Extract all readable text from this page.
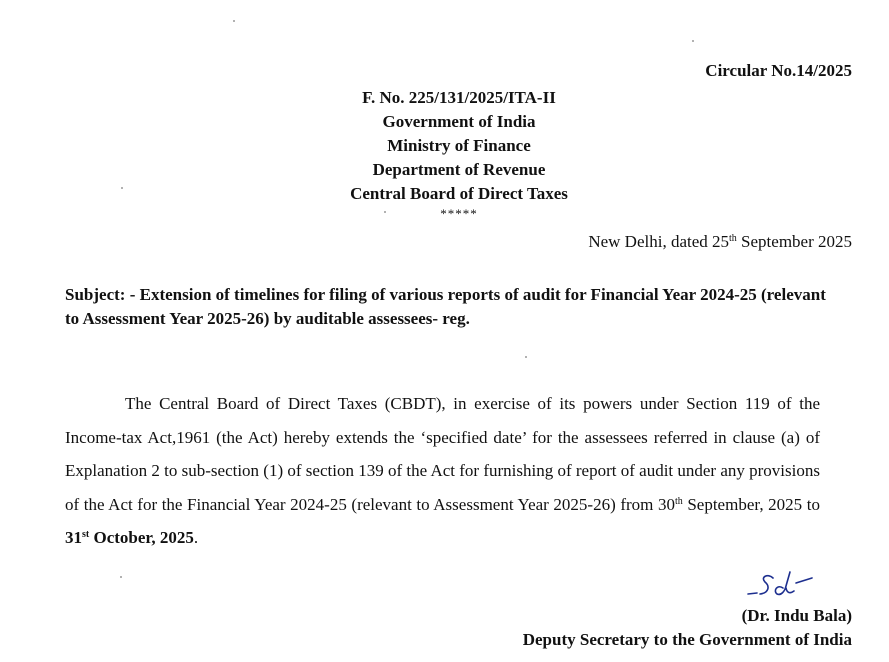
Circular No.14/2025
F. No. 225/131/2025/ITA-II
Government of India
Ministry of Finance
Department of Revenue
Central Board of Direct Taxes
*****
New Delhi, dated 25th September 2025
Subject: - Extension of timelines for filing of various reports of audit for Financial Year 2024-25 (relevant to Assessment Year 2025-26) by auditable assessees- reg.
The Central Board of Direct Taxes (CBDT), in exercise of its powers under Section 119 of the Income-tax Act,1961 (the Act) hereby extends the ‘specified date’ for the assessees referred in clause (a) of Explanation 2 to sub-section (1) of section 139 of the Act for furnishing of report of audit under any provisions of the Act for the Financial Year 2024-25 (relevant to Assessment Year 2025-26) from 30th September, 2025 to 31st October, 2025.
(Dr. Indu Bala)
Deputy Secretary to the Government of India
